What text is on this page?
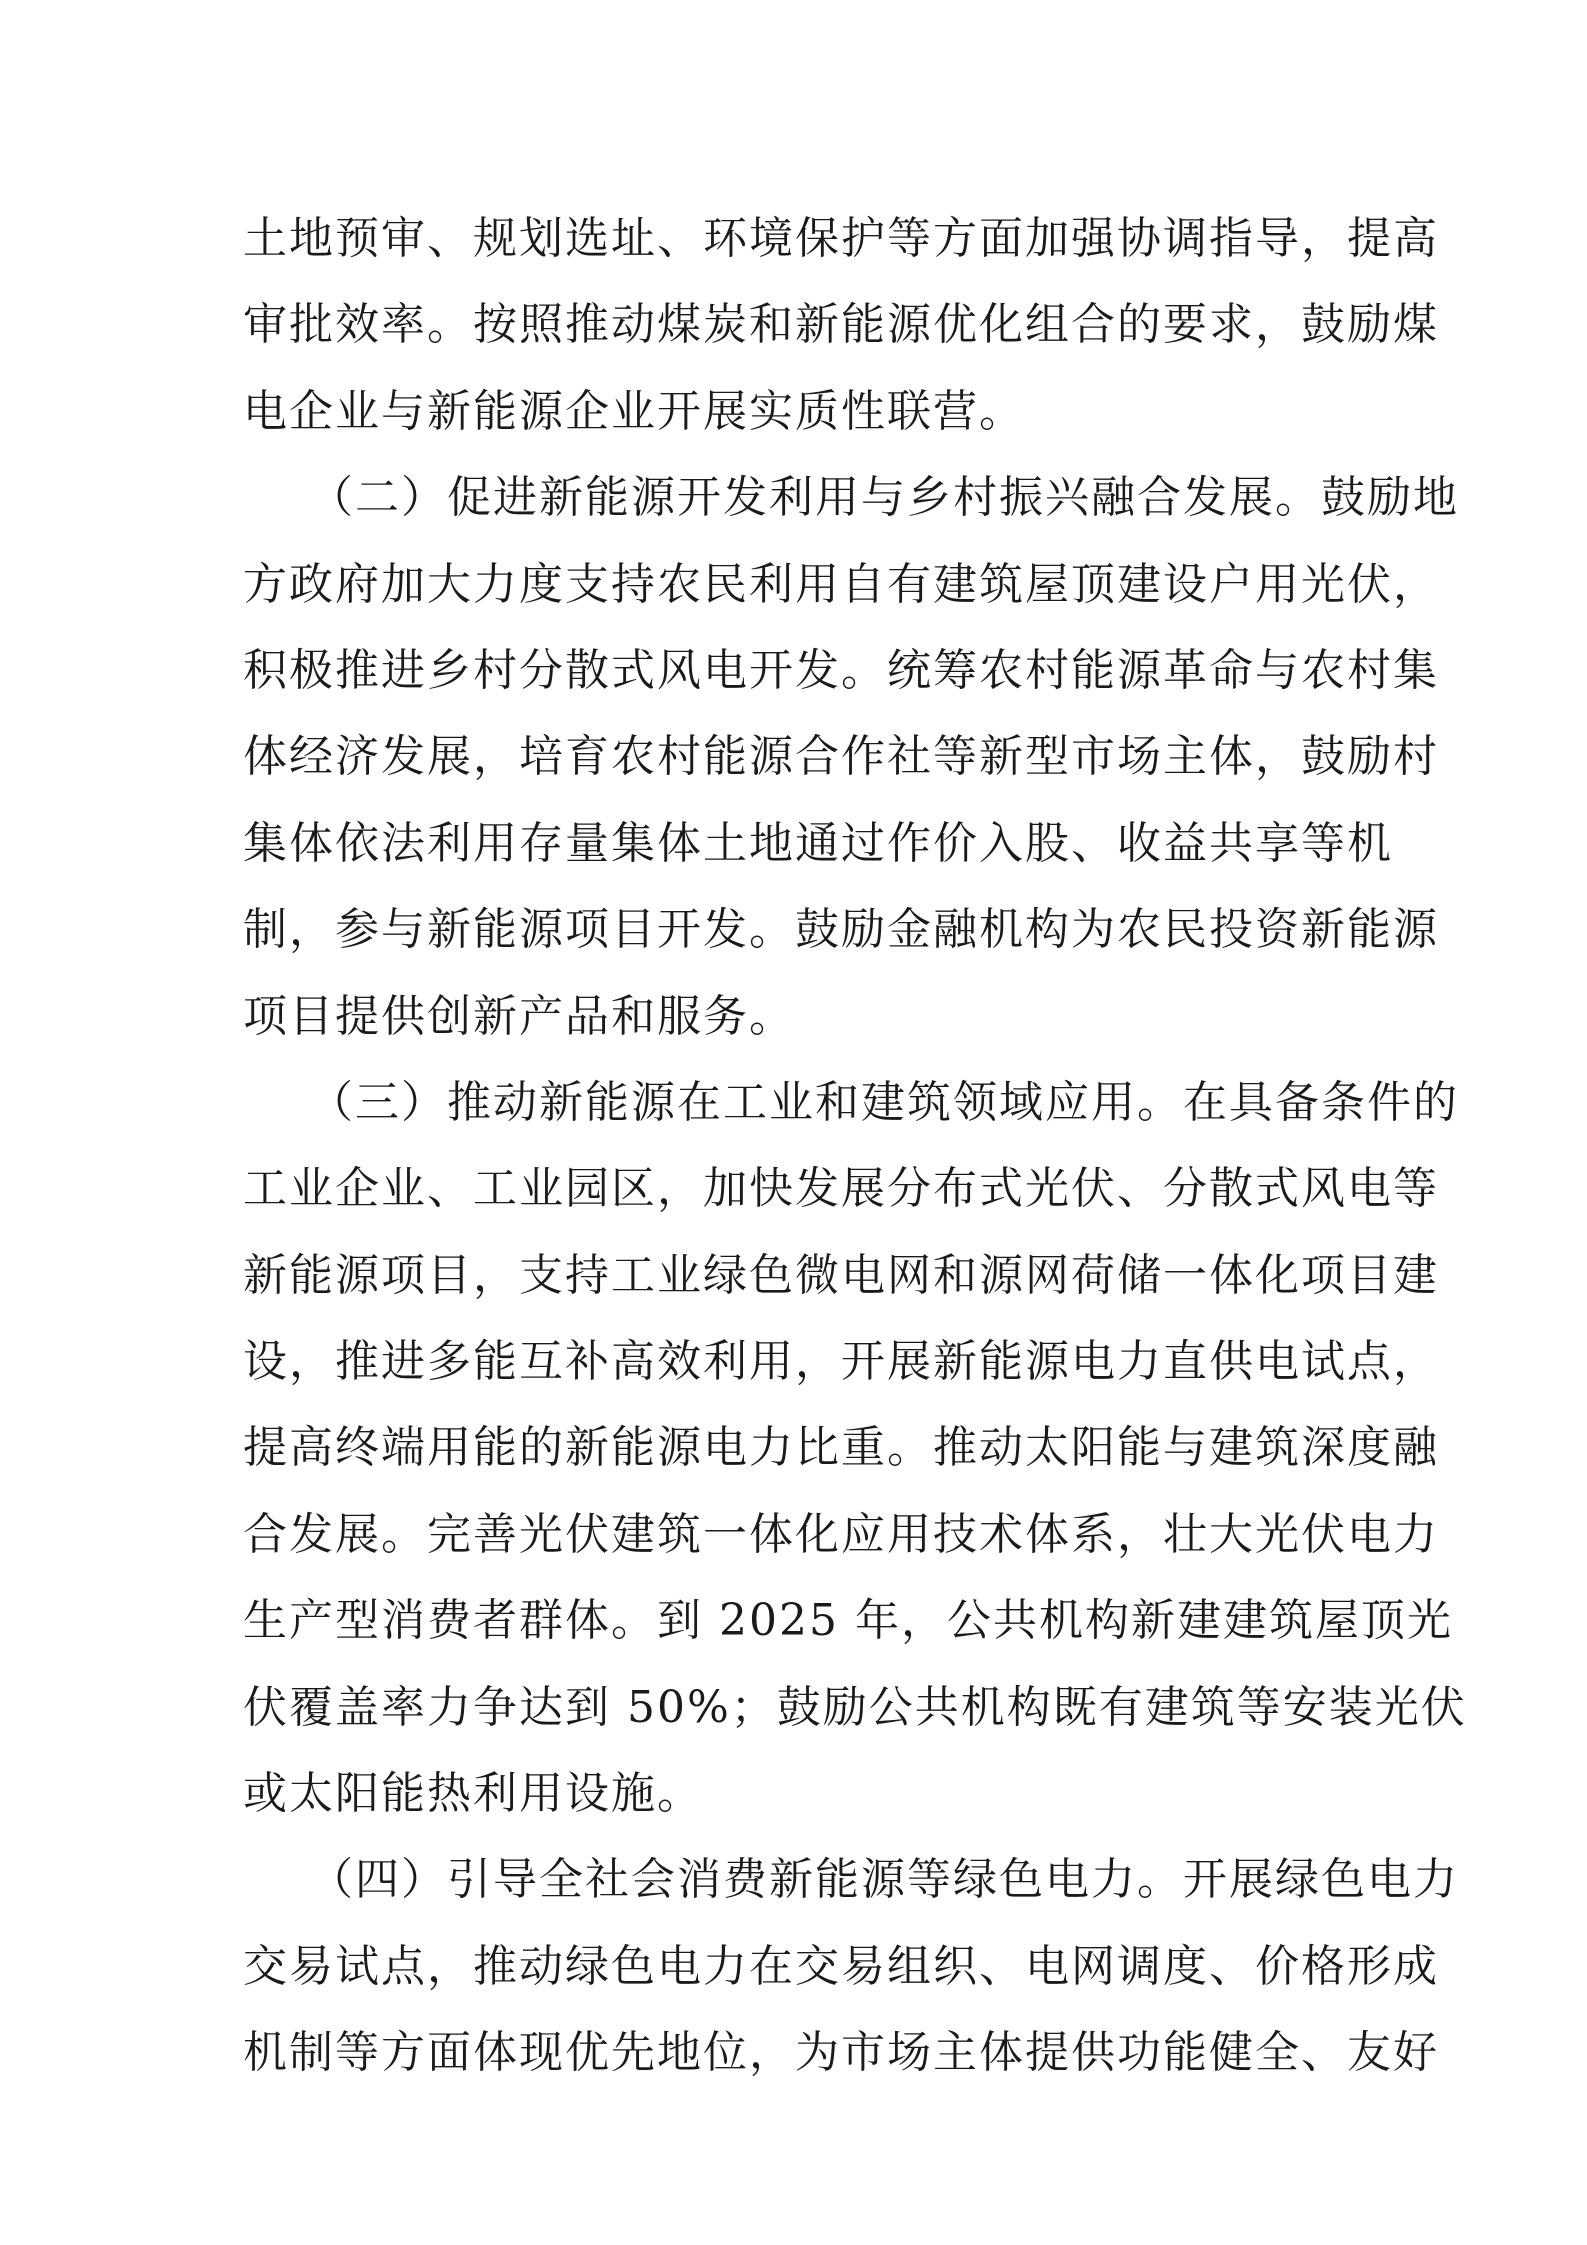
土地预审、规划选址、环境保护等方面加强协调指导，提高
审批效率。按照推动煤炭和新能源优化组合的要求，鼓励煤
电企业与新能源企业开展实质性联营。
（二）促进新能源开发利用与乡村振兴融合发展。鼓励地
方政府加大力度支持农民利用自有建筑屋顶建设户用光伏，
积极推进乡村分散式风电开发。统筹农村能源革命与农村集
体经济发展，培育农村能源合作社等新型市场主体，鼓励村
集体依法利用存量集体土地通过作价入股、收益共享等机
制，参与新能源项目开发。鼓励金融机构为农民投资新能源
项目提供创新产品和服务。
（三）推动新能源在工业和建筑领域应用。在具备条件的
工业企业、工业园区，加快发展分布式光伏、分散式风电等
新能源项目，支持工业绿色微电网和源网荷储一体化项目建
设，推进多能互补高效利用，开展新能源电力直供电试点，
提高终端用能的新能源电力比重。推动太阳能与建筑深度融
合发展。完善光伏建筑一体化应用技术体系，壮大光伏电力
生产型消费者群体。到 2025 年，公共机构新建建筑屋顶光
伏覆盖率力争达到 50%；鼓励公共机构既有建筑等安装光伏
或太阳能热利用设施。
（四）引导全社会消费新能源等绿色电力。开展绿色电力
交易试点，推动绿色电力在交易组织、电网调度、价格形成
机制等方面体现优先地位，为市场主体提供功能健全、友好
